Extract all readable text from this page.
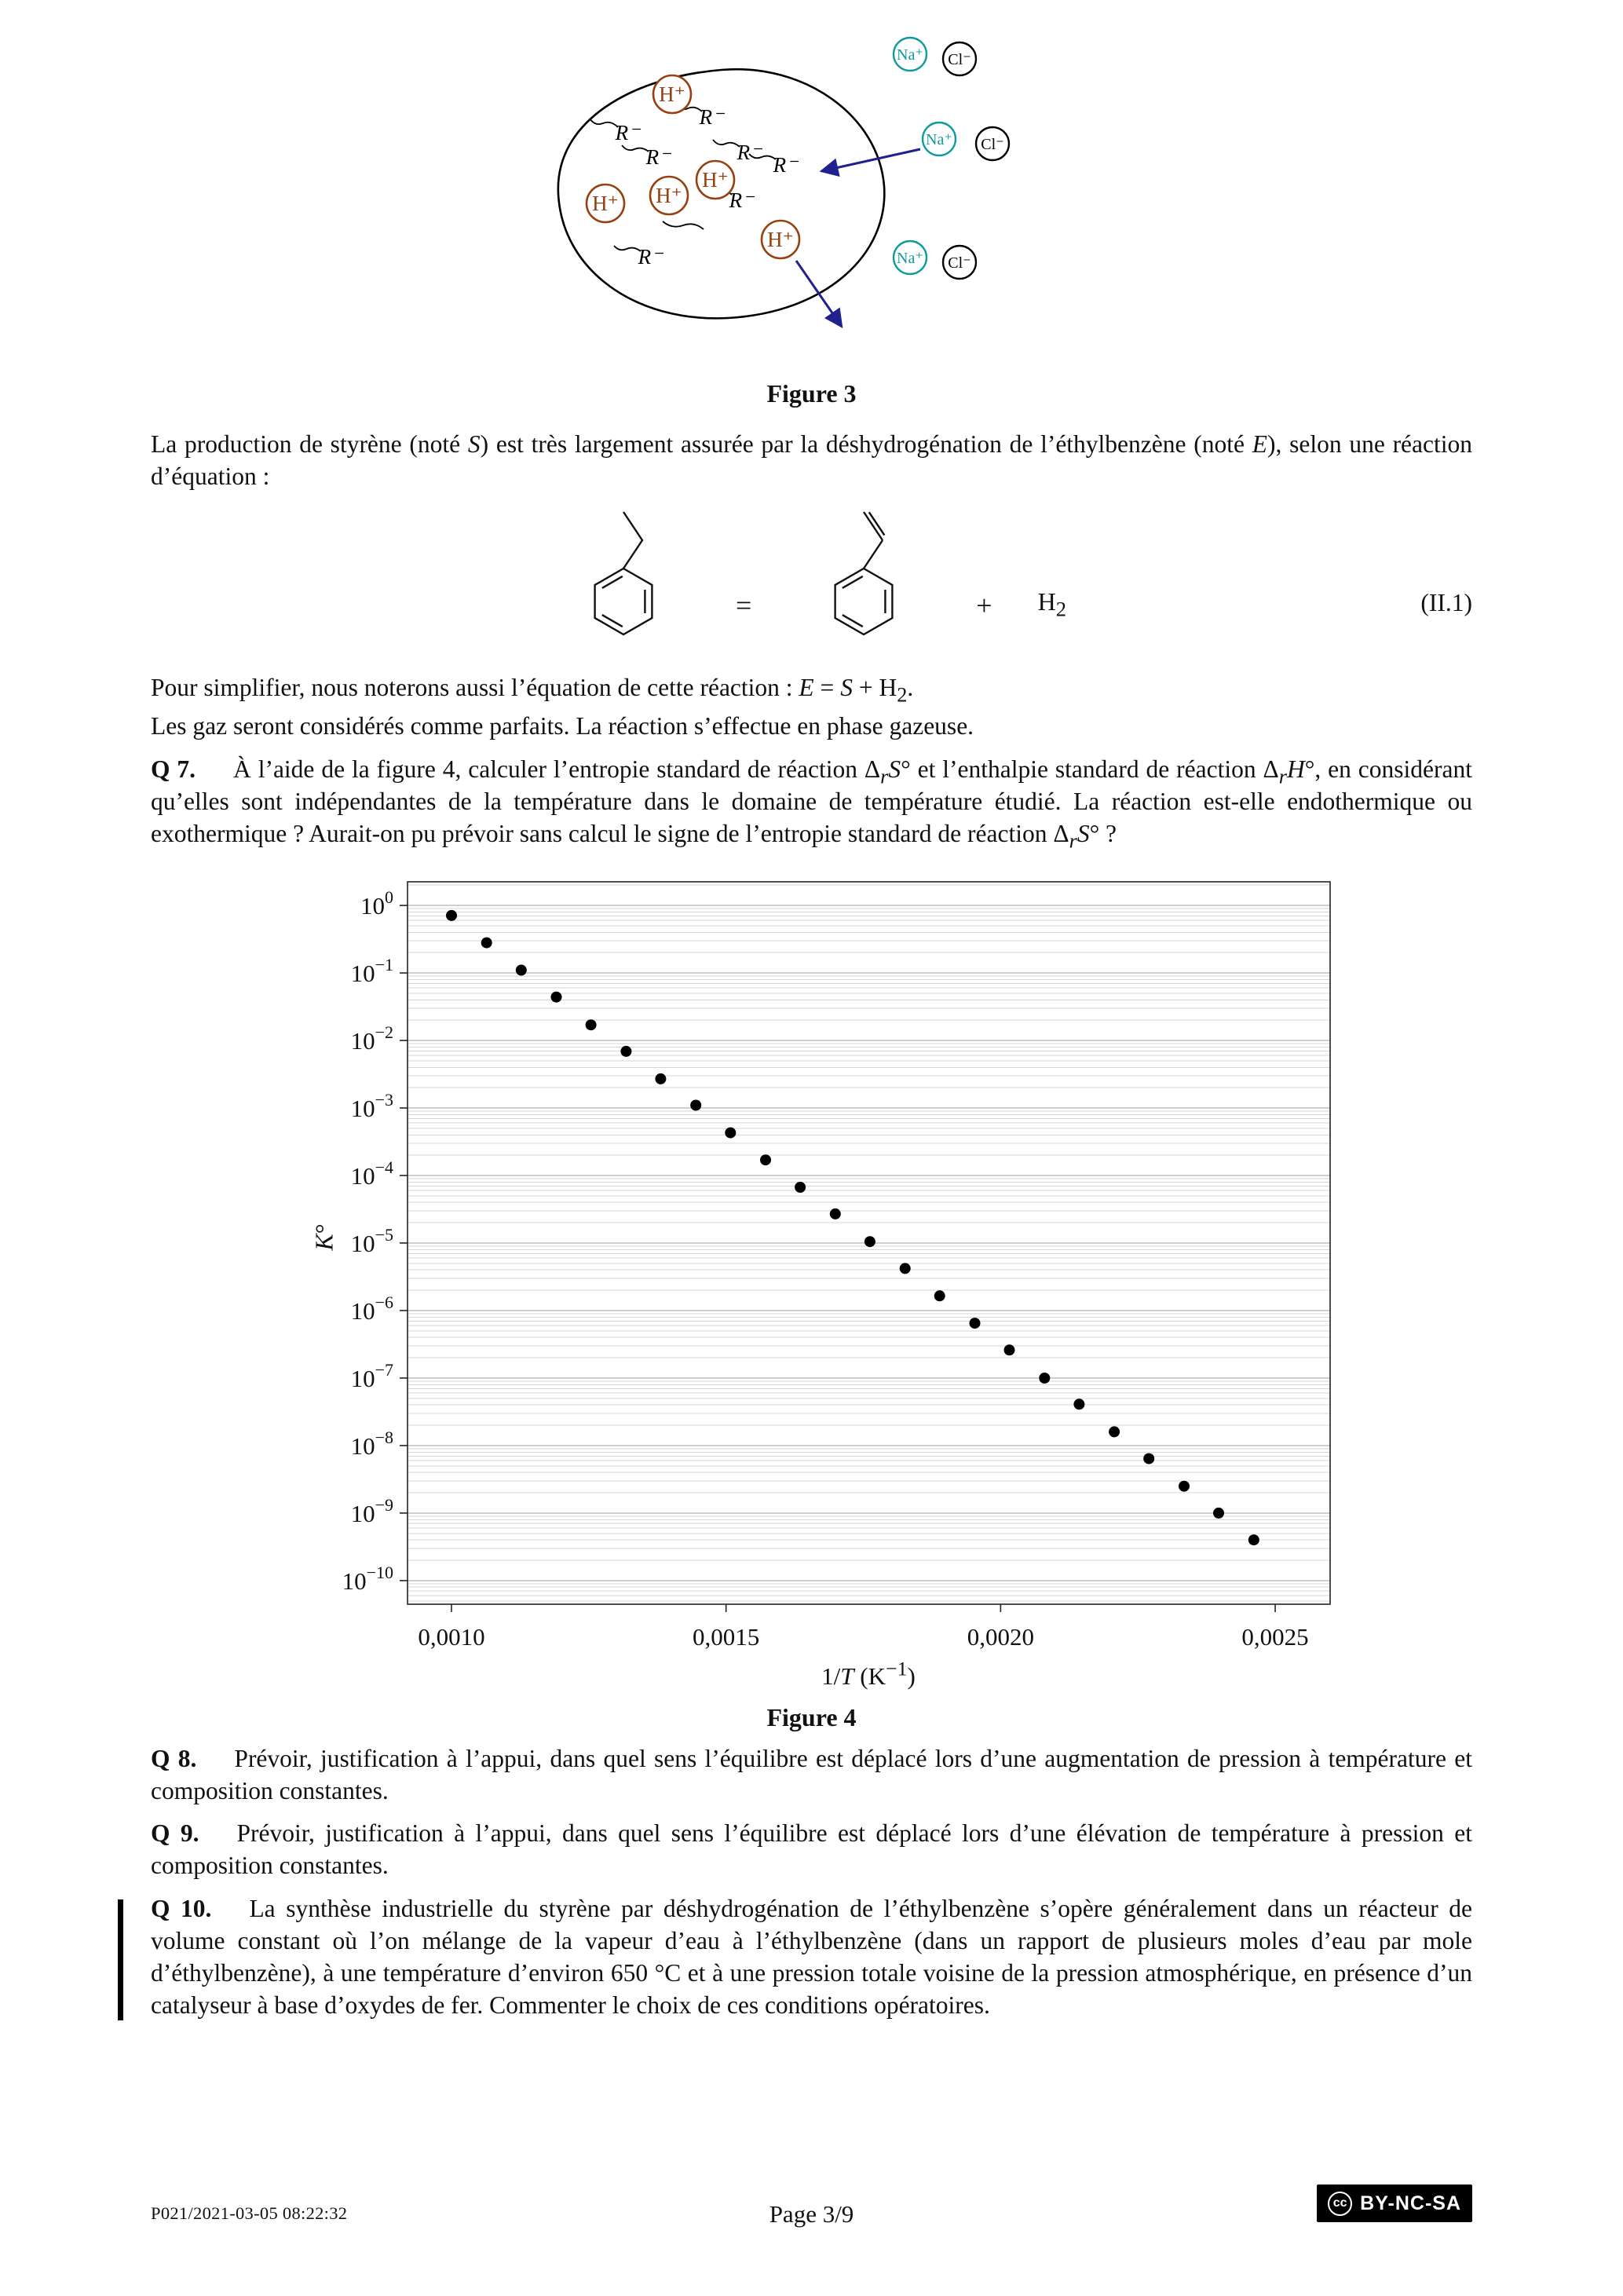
H⁺
H⁺ H⁺
H⁺
H⁺
R⁻
R⁻
R⁻
R⁻
R⁻
R⁻
R⁻
Na⁺
Na⁺
Na⁺
Cl⁻
Cl⁻
Cl⁻
Figure 3

La production de styrène (noté S) est très largement assurée par la déshydrogénation de l’éthylbenzène (noté E), selon une réaction d’équation :

=	+ $H_2$	(II.1)

Pour simplifier, nous noterons aussi l’équation de cette réaction : $E = S + H_2$.

Les gaz seront considérés comme parfaits. La réaction s’effectue en phase gazeuse.

Q 7. À l’aide de la figure 4, calculer l’entropie standard de réaction $\Delta_rS^\circ$ et l’enthalpie standard de réaction $\Delta_rH^\circ$, en considérant qu’elles sont indépendantes de la température dans le domaine de température étudié. La réaction est-elle endothermique ou exothermique ? Aurait-on pu prévoir sans calcul le signe de l’entropie standard de réaction $\Delta_rS^\circ$ ?

$10^0$
$10^{-1}$
$10^{-2}$
$10^{-3}$
$10^{-4}$
$10^{-5}$
$10^{-6}$
$10^{-7}$
$10^{-8}$
$10^{-9}$
$10^{-10}$
0,0010	0,0015	0,0020	0,0025
K°
1/T $(K^{-1})$
Figure 4

Q 8. Prévoir, justification à l’appui, dans quel sens l’équilibre est déplacé lors d’une augmentation de pression à température et composition constantes.

Q 9. Prévoir, justification à l’appui, dans quel sens l’équilibre est déplacé lors d’une élévation de température à pression et composition constantes.

Q 10. La synthèse industrielle du styrène par déshydrogénation de l’éthylbenzène s’opère généralement dans un réacteur de volume constant où l’on mélange de la vapeur d’eau à l’éthylbenzène (dans un rapport de plusieurs moles d’eau par mole d’éthylbenzène), à une température d’environ 650 °C et à une pression totale voisine de la pression atmosphérique, en présence d’un catalyseur à base d’oxydes de fer. Commenter le choix de ces conditions opératoires.

P021/2021-03-05 08:22:32	Page 3/9	cc BY-NC-SA
